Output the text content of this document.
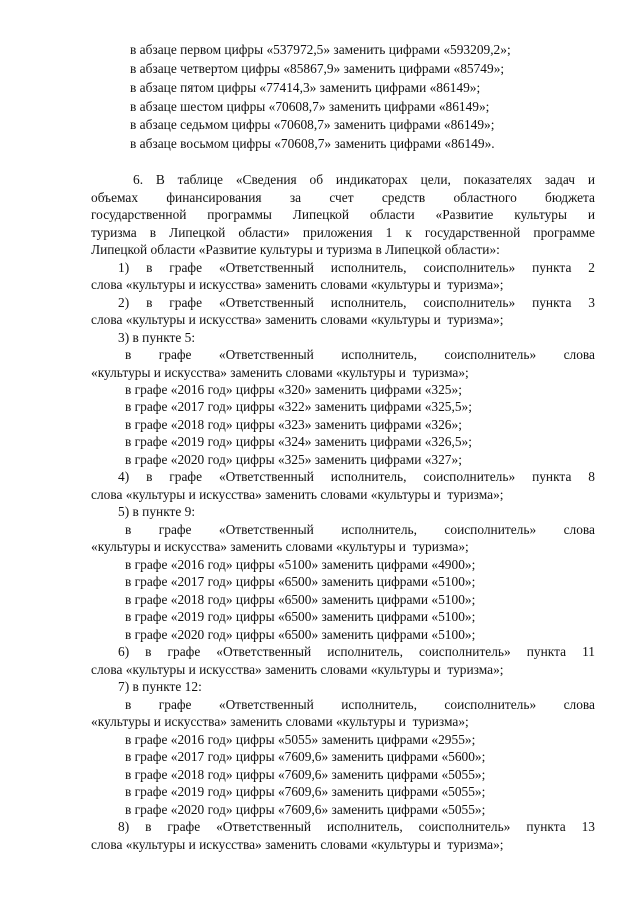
в абзаце первом цифры «537972,5» заменить цифрами «593209,2»;

в абзаце четвертом цифры «85867,9» заменить цифрами «85749»;

в абзаце пятом цифры «77414,3» заменить цифрами «86149»;

в абзаце шестом цифры «70608,7» заменить цифрами «86149»;

в абзаце седьмом цифры «70608,7» заменить цифрами «86149»;

в абзаце восьмом цифры «70608,7» заменить цифрами «86149».

6. В таблице «Сведения об индикаторах цели, показателях задач и

объемах финансирования за счет средств областного бюджета

государственной программы Липецкой области «Развитие культуры и

туризма в Липецкой области» приложения 1 к государственной программе

Липецкой области «Развитие культуры и туризма в Липецкой области»:

1) в графе «Ответственный исполнитель, соисполнитель» пункта 2

слова «культуры и искусства» заменить словами «культуры и  туризма»;

2) в графе «Ответственный исполнитель, соисполнитель» пункта 3

слова «культуры и искусства» заменить словами «культуры и  туризма»;

3) в пункте 5:

в графе «Ответственный исполнитель, соисполнитель» слова

«культуры и искусства» заменить словами «культуры и  туризма»;

в графе «2016 год» цифры «320» заменить цифрами «325»;

в графе «2017 год» цифры «322» заменить цифрами «325,5»;

в графе «2018 год» цифры «323» заменить цифрами «326»;

в графе «2019 год» цифры «324» заменить цифрами «326,5»;

в графе «2020 год» цифры «325» заменить цифрами «327»;

4) в графе «Ответственный исполнитель, соисполнитель» пункта 8

слова «культуры и искусства» заменить словами «культуры и  туризма»;

5) в пункте 9:

в графе «Ответственный исполнитель, соисполнитель» слова

«культуры и искусства» заменить словами «культуры и  туризма»;

в графе «2016 год» цифры «5100» заменить цифрами «4900»;

в графе «2017 год» цифры «6500» заменить цифрами «5100»;

в графе «2018 год» цифры «6500» заменить цифрами «5100»;

в графе «2019 год» цифры «6500» заменить цифрами «5100»;

в графе «2020 год» цифры «6500» заменить цифрами «5100»;

6) в графе «Ответственный исполнитель, соисполнитель» пункта 11

слова «культуры и искусства» заменить словами «культуры и  туризма»;

7) в пункте 12:

в графе «Ответственный исполнитель, соисполнитель» слова

«культуры и искусства» заменить словами «культуры и  туризма»;

в графе «2016 год» цифры «5055» заменить цифрами «2955»;

в графе «2017 год» цифры «7609,6» заменить цифрами «5600»;

в графе «2018 год» цифры «7609,6» заменить цифрами «5055»;

в графе «2019 год» цифры «7609,6» заменить цифрами «5055»;

в графе «2020 год» цифры «7609,6» заменить цифрами «5055»;

8) в графе «Ответственный исполнитель, соисполнитель» пункта 13

слова «культуры и искусства» заменить словами «культуры и  туризма»;
